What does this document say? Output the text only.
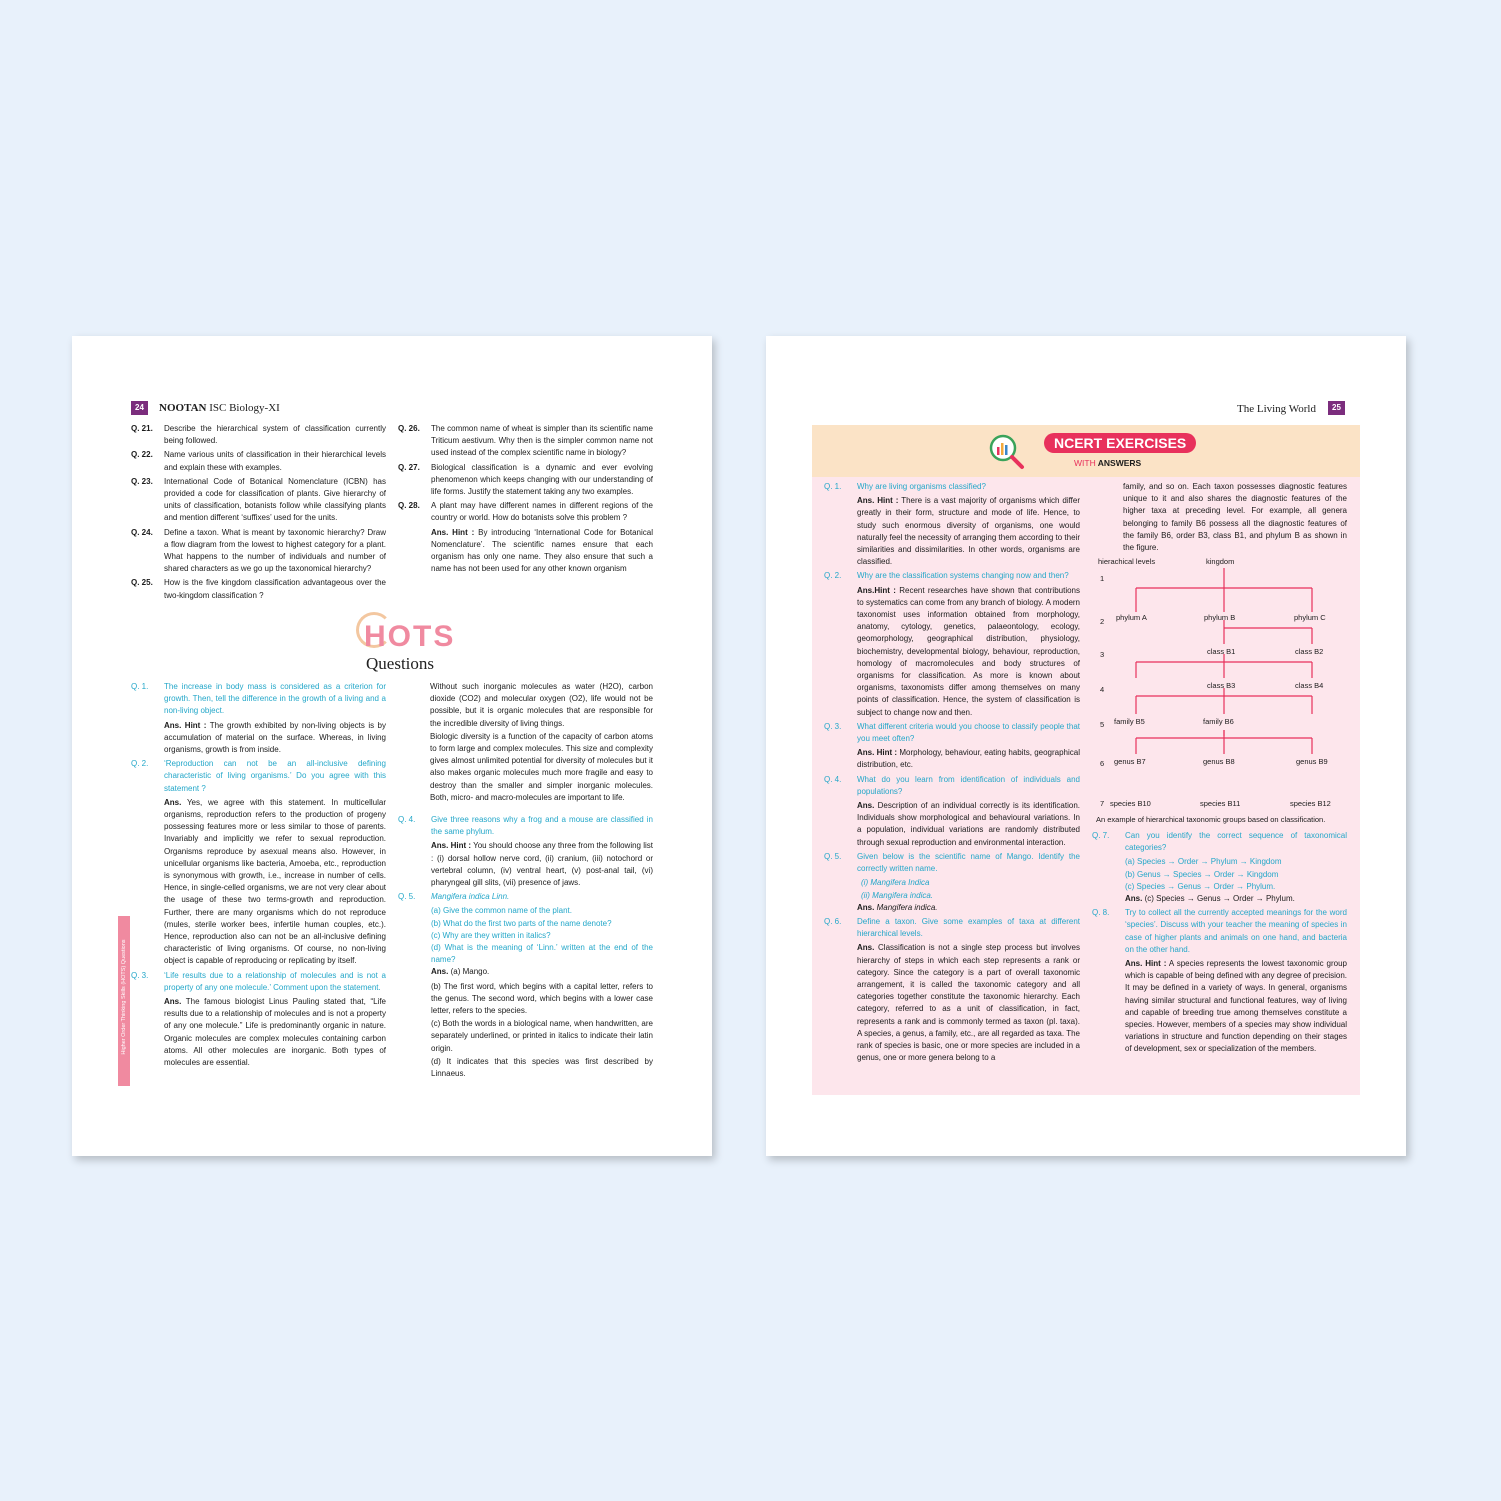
24	NOOTAN ISC Biology-XI

Q. 21. Describe the hierarchical system of classification currently being followed.

Q. 22. Name various units of classification in their hierarchical levels and explain these with examples.

Q. 23. International Code of Botanical Nomenclature (ICBN) has provided a code for classification of plants. Give hierarchy of units of classification, botanists follow while classifying plants and mention different ‘suffixes’ used for the units.

Q. 24. Define a taxon. What is meant by taxonomic hierarchy? Draw a flow diagram from the lowest to highest category for a plant. What happens to the number of individuals and number of shared characters as we go up the taxonomical hierarchy?

Q. 25. How is the five kingdom classification advantageous over the two-kingdom classification ?

Q. 26. The common name of wheat is simpler than its scientific name Triticum aestivum. Why then is the simpler common name not used instead of the complex scientific name in biology?

Q. 27. Biological classification is a dynamic and ever evolving phenomenon which keeps changing with our understanding of life forms. Justify the statement taking any two examples.

Q. 28. A plant may have different names in different regions of the country or world. How do botanists solve this problem ?

Ans. Hint : By introducing ‘International Code for Botanical Nomenclature’. The scientific names ensure that each organism has only one name. They also ensure that such a name has not been used for any other known organism

HOTS
Questions
Higher Order Thinking Skills (HOTS) Questions

Q. 1. The increase in body mass is considered as a criterion for growth. Then, tell the difference in the growth of a living and a non-living object.

Ans. Hint : The growth exhibited by non-living objects is by accumulation of material on the surface. Whereas, in living organisms, growth is from inside.

Q. 2. ‘Reproduction can not be an all-inclusive defining characteristic of living organisms.’ Do you agree with this statement ?

Ans. Yes, we agree with this statement. In multicellular organisms, reproduction refers to the production of progeny possessing features more or less similar to those of parents. Invariably and implicitly we refer to sexual reproduction. Organisms reproduce by asexual means also. However, in unicellular organisms like bacteria, Amoeba, etc., reproduction is synonymous with growth, i.e., increase in number of cells. Hence, in single-celled organisms, we are not very clear about the usage of these two terms-growth and reproduction. Further, there are many organisms which do not reproduce (mules, sterile worker bees, infertile human couples, etc.). Hence, reproduction also can not be an all-inclusive defining characteristic of living organisms. Of course, no non-living object is capable of reproducing or replicating by itself.

Q. 3. ‘Life results due to a relationship of molecules and is not a property of any one molecule.’ Comment upon the statement.

Ans. The famous biologist Linus Pauling stated that, “Life results due to a relationship of molecules and is not a property of any one molecule.” Life is predominantly organic in nature. Organic molecules are complex molecules containing carbon atoms. All other molecules are inorganic. Both types of molecules are essential.

Without such inorganic molecules as water (H2O), carbon dioxide (CO2) and molecular oxygen (O2), life would not be possible, but it is organic molecules that are responsible for the incredible diversity of living things.

Biologic diversity is a function of the capacity of carbon atoms to form large and complex molecules. This size and complexity gives almost unlimited potential for diversity of molecules but it also makes organic molecules much more fragile and easy to destroy than the smaller and simpler inorganic molecules. Both, micro- and macro-molecules are important to life.

Q. 4. Give three reasons why a frog and a mouse are classified in the same phylum.

Ans. Hint : You should choose any three from the following list : (i) dorsal hollow nerve cord, (ii) cranium, (iii) notochord or vertebral column, (iv) ventral heart, (v) post-anal tail, (vi) pharyngeal gill slits, (vii) presence of jaws.

Q. 5. Mangifera indica Linn.

(a) Give the common name of the plant.

(b) What do the first two parts of the name denote?

(c) Why are they written in italics?

(d) What is the meaning of ‘Linn.’ written at the end of the name?

Ans. (a) Mango.

(b) The first word, which begins with a capital letter, refers to the genus. The second word, which begins with a lower case letter, refers to the species.

(c) Both the words in a biological name, when handwritten, are separately underlined, or printed in italics to indicate their latin origin.

(d) It indicates that this species was first described by Linnaeus.

The Living World	25
NCERT EXERCISES
WITH ANSWERS

Q. 1. Why are living organisms classified?

Ans. Hint : There is a vast majority of organisms which differ greatly in their form, structure and mode of life. Hence, to study such enormous diversity of organisms, one would naturally feel the necessity of arranging them according to their similarities and dissimilarities. In other words, organisms are classified.

Q. 2. Why are the classification systems changing now and then?

Ans.Hint : Recent researches have shown that contributions to systematics can come from any branch of biology. A modern taxonomist uses information obtained from morphology, anatomy, cytology, genetics, palaeontology, ecology, geomorphology, geographical distribution, physiology, biochemistry, developmental biology, behaviour, reproduction, homology of macromolecules and body structures of organisms for classification. As more is known about organisms, taxonomists differ among themselves on many points of classification. Hence, the system of classification is subject to change now and then.

Q. 3. What different criteria would you choose to classify people that you meet often?

Ans. Hint : Morphology, behaviour, eating habits, geographical distribution, etc.

Q. 4. What do you learn from identification of individuals and populations?

Ans. Description of an individual correctly is its identification. Individuals show morphological and behavioural variations. In a population, individual variations are randomly distributed through sexual reproduction and environmental interaction.

Q. 5. Given below is the scientific name of Mango. Identify the correctly written name.

(i) Mangifera Indica

(ii) Mangifera indica.

Ans. Mangifera indica.

Q. 6. Define a taxon. Give some examples of taxa at different hierarchical levels.

Ans. Classification is not a single step process but involves hierarchy of steps in which each step represents a rank or category. Since the category is a part of overall taxonomic arrangement, it is called the taxonomic category and all categories together constitute the taxonomic hierarchy. Each category, referred to as a unit of classification, in fact, represents a rank and is commonly termed as taxon (pl. taxa). A species, a genus, a family, etc., are all regarded as taxa. The rank of species is basic, one or more species are included in a genus, one or more genera belong to a

family, and so on. Each taxon possesses diagnostic features unique to it and also shares the diagnostic features of the higher taxa at preceding level. For example, all genera belonging to family B6 possess all the diagnostic features of the family B6, order B3, class B1, and phylum B as shown in the figure.

hierachical levels	kingdom
1
2
3
4
5
6
7
phylum A	phylum B	phylum C
class B1	class B2
class B3	class B4
family B5	family B6
genus B7	genus B8	genus B9
species B10	species B11	species B12
An example of hierarchical taxonomic groups based on classification.

Q. 7. Can you identify the correct sequence of taxonomical categories?

(a) Species → Order → Phylum → Kingdom

(b) Genus → Species → Order → Kingdom

(c) Species → Genus → Order → Phylum.

Ans. (c) Species → Genus → Order → Phylum.

Q. 8. Try to collect all the currently accepted meanings for the word ‘species’. Discuss with your teacher the meaning of species in case of higher plants and animals on one hand, and bacteria on the other hand.

Ans. Hint : A species represents the lowest taxonomic group which is capable of being defined with any degree of precision. It may be defined in a variety of ways. In general, organisms having similar structural and functional features, way of living and capable of breeding true among themselves constitute a species. However, members of a species may show individual variations in structure and function depending on their stages of development, sex or specialization of the members.
